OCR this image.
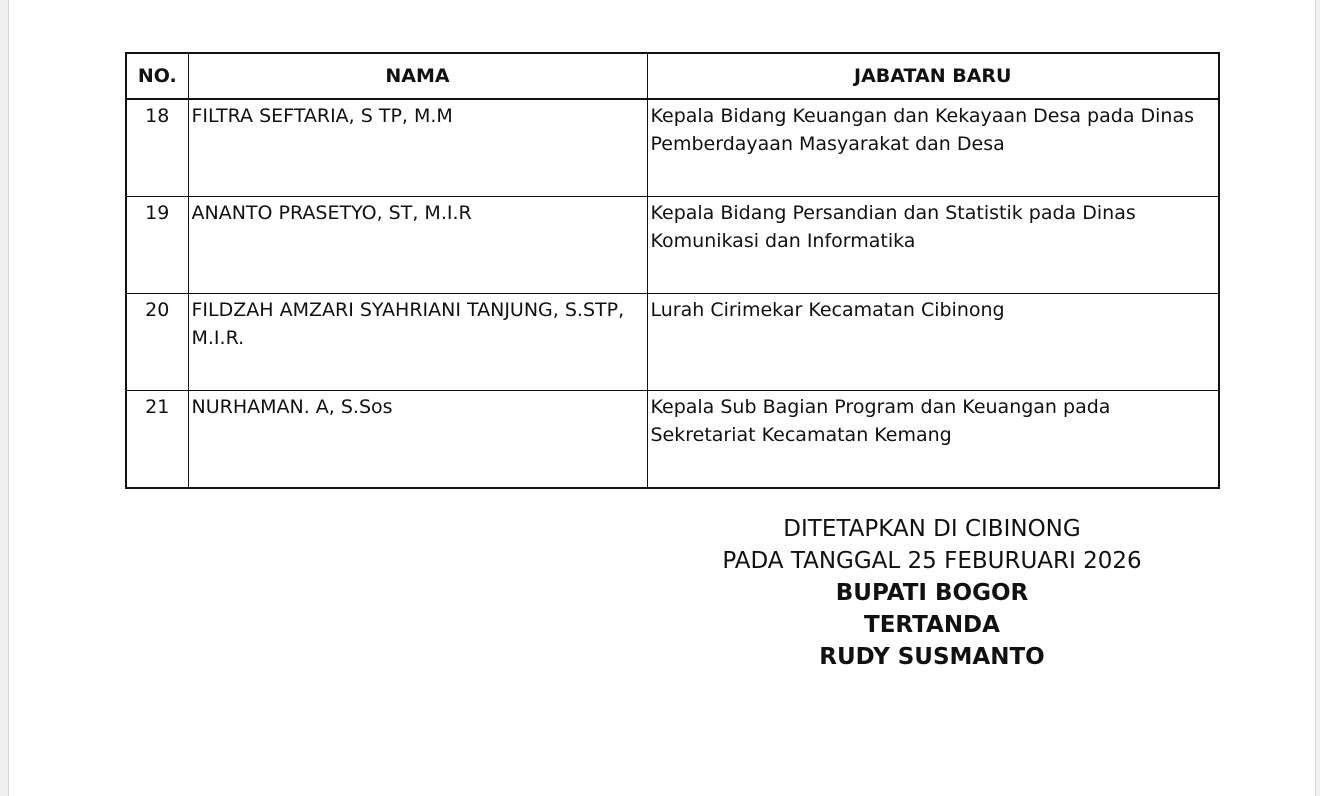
NO.	NAMA	JABATAN BARU
18	FILTRA SEFTARIA, S TP, M.M	Kepala Bidang Keuangan dan Kekayaan Desa pada Dinas Pemberdayaan Masyarakat dan Desa
19	ANANTO PRASETYO, ST, M.I.R	Kepala Bidang Persandian dan Statistik pada Dinas Komunikasi dan Informatika
20	FILDZAH AMZARI SYAHRIANI TANJUNG, S.STP, M.I.R.	Lurah Cirimekar Kecamatan Cibinong
21	NURHAMAN. A, S.Sos	Kepala Sub Bagian Program dan Keuangan pada Sekretariat Kecamatan Kemang
DITETAPKAN DI CIBINONG
PADA TANGGAL 25 FEBURUARI 2026
BUPATI BOGOR
TERTANDA
RUDY SUSMANTO
